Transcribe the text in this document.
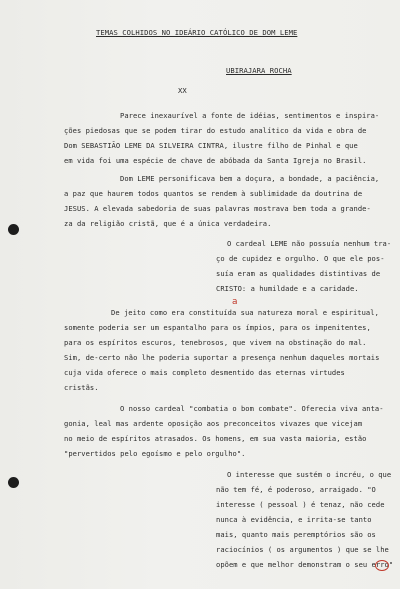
TEMAS COLHIDOS NO IDEÁRIO CATÓLICO DE DOM LEME
UBIRAJARA ROCHA
XX
Parece inexaurível a fonte de idéias, sentimentos e inspira-
ções piedosas que se podem tirar do estudo analítico da vida e obra de
Dom SEBASTIÃO LEME DA SILVEIRA CINTRA, ilustre filho de Pinhal e que
em vida foi uma espécie de chave de abóbada da Santa Igreja no Brasil.
Dom LEME personificava bem a doçura, a bondade, a paciência,
a paz que haurem todos quantos se rendem à sublimidade da doutrina de
JESUS. A elevada sabedoria de suas palavras mostrava bem toda a grande-
za da religião cristã, que é a única verdadeira.
O cardeal LEME não possuía nenhum tra-
ço de cupidez e orgulho. O que ele pos-
suía eram as qualidades distintivas de
CRISTO: a humildade e a caridade.
De jeito como era constituída sua natureza moral e espiritual,
a
somente poderia ser um espantalho para os ímpios, para os impenitentes,
para os espíritos escuros, tenebrosos, que vivem na obstinação do mal.
Sim, de-certo não lhe poderia suportar a presença nenhum daqueles mortais
cuja vida oferece o mais completo desmentido das eternas virtudes
cristãs.
O nosso cardeal "combatia o bom combate". Oferecia viva anta-
gonia, leal mas ardente oposição aos preconceitos vivazes que vicejam
no meio de espíritos atrasados. Os homens, em sua vasta maioria, estão
"pervertidos pelo egoísmo e pelo orgulho".
O interesse que sustém o incréu, o que
não tem fé, é poderoso, arraigado. "O
interesse ( pessoal ) é tenaz, não cede
nunca à evidência, e irrita-se tanto
mais, quanto mais peremptórios são os
raciocínios ( os argumentos ) que se lhe
opõem e que melhor demonstram o seu erro"
